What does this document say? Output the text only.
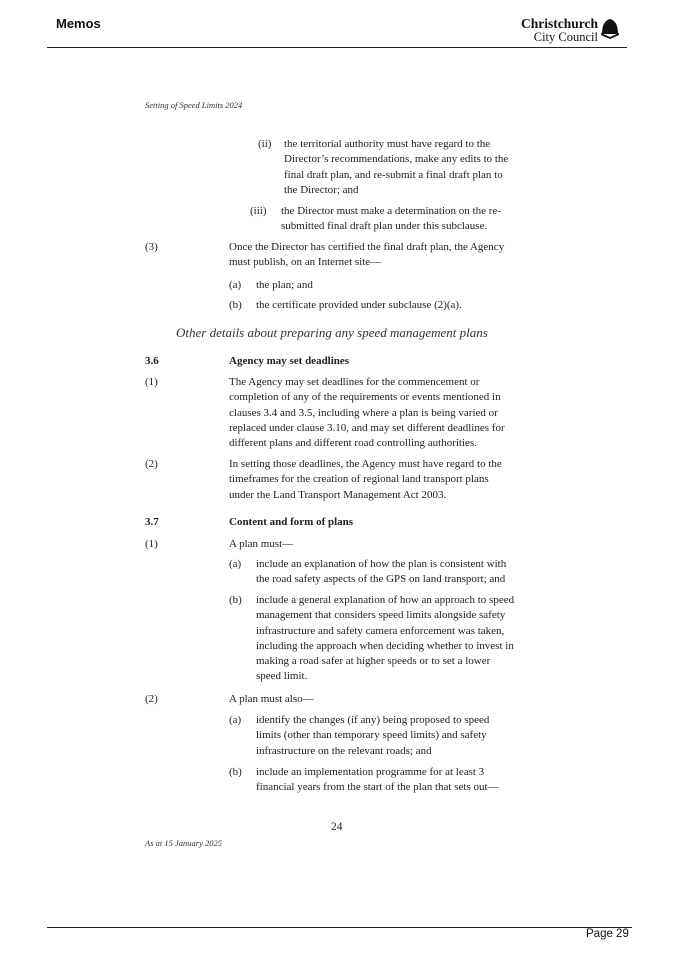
Memos	Christchurch
City Council
Setting of Speed Limits 2024
(ii) the territorial authority must have regard to the
Director’s recommendations, make any edits to the
final draft plan, and re-submit a final draft plan to
the Director; and
(iii) the Director must make a determination on the re-
submitted final draft plan under this subclause.
(3)	Once the Director has certified the final draft plan, the Agency
must publish, on an Internet site—
(a) the plan; and
(b) the certificate provided under subclause (2)(a).
Other details about preparing any speed management plans
3.6	Agency may set deadlines
(1)	The Agency may set deadlines for the commencement or
completion of any of the requirements or events mentioned in
clauses 3.4 and 3.5, including where a plan is being varied or
replaced under clause 3.10, and may set different deadlines for
different plans and different road controlling authorities.
(2)	In setting those deadlines, the Agency must have regard to the
timeframes for the creation of regional land transport plans
under the Land Transport Management Act 2003.
3.7	Content and form of plans
(1)	A plan must—
(a) include an explanation of how the plan is consistent with
the road safety aspects of the GPS on land transport; and
(b) include a general explanation of how an approach to speed
management that considers speed limits alongside safety
infrastructure and safety camera enforcement was taken,
including the approach when deciding whether to invest in
making a road safer at higher speeds or to set a lower
speed limit.
(2)	A plan must also—
(a) identify the changes (if any) being proposed to speed
limits (other than temporary speed limits) and safety
infrastructure on the relevant roads; and
(b) include an implementation programme for at least 3
financial years from the start of the plan that sets out—
24
As at 15 January 2025
Page 29
